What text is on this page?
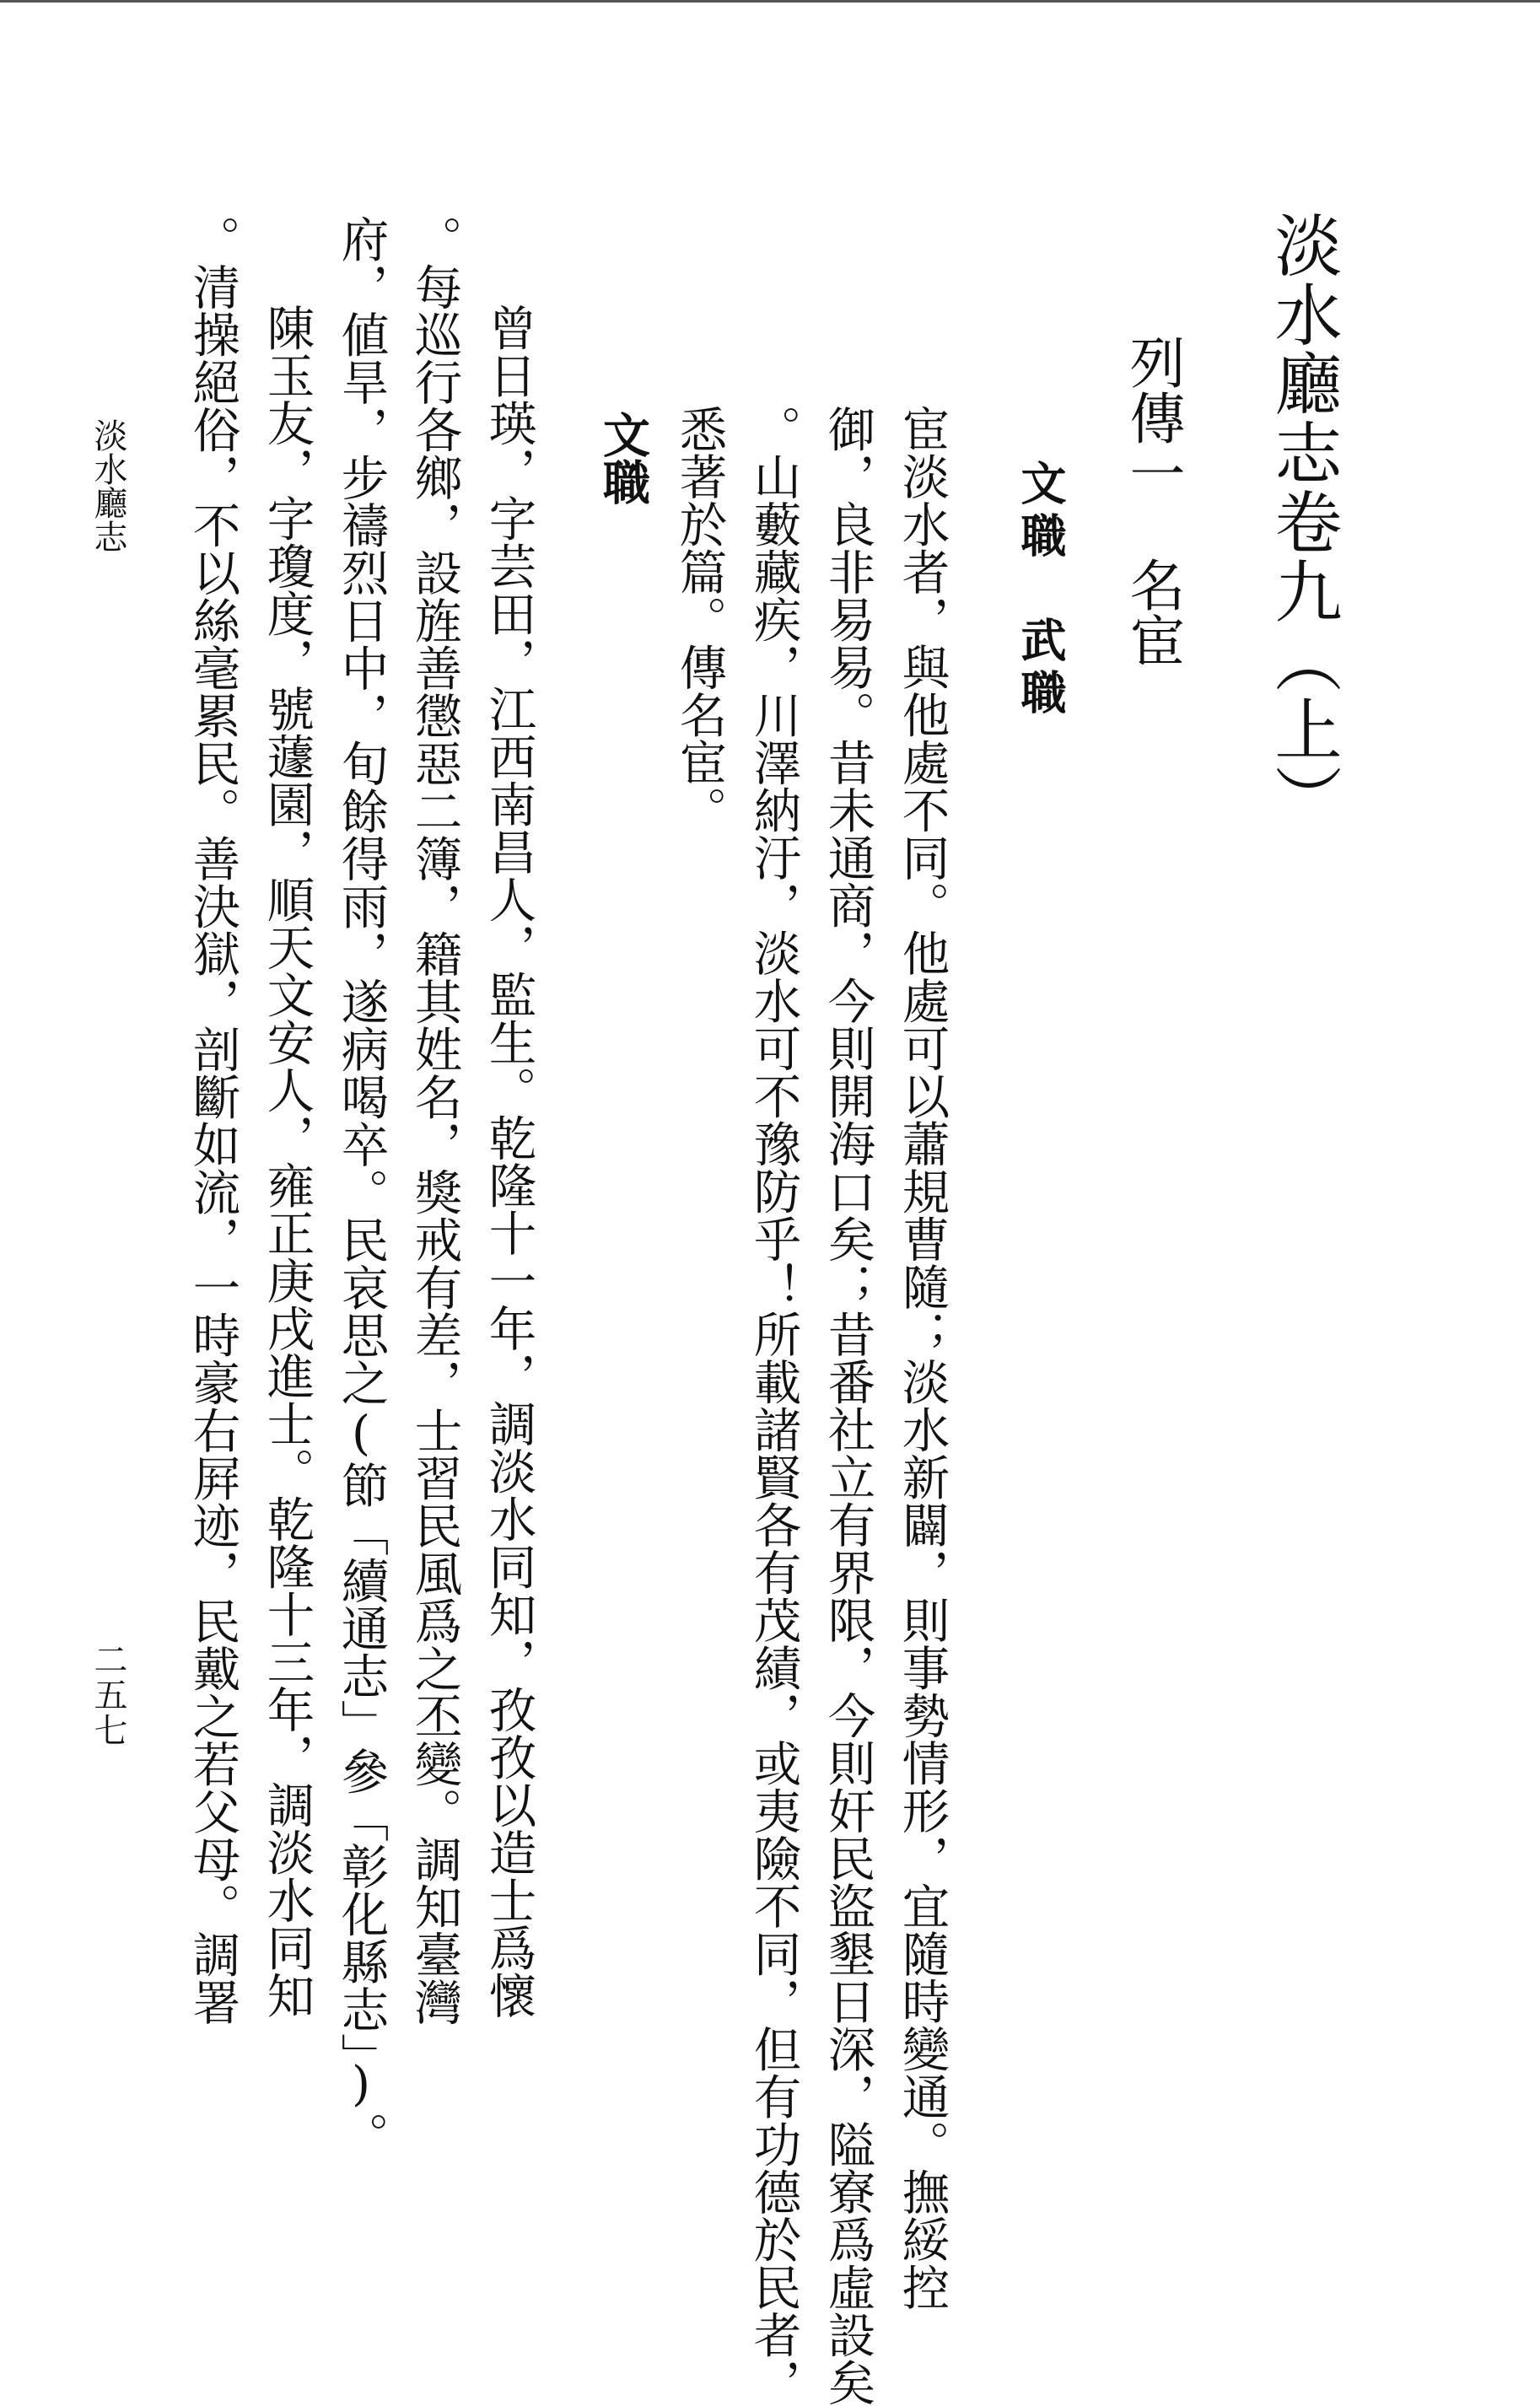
淡水廳志卷九（上）
列傳一　名宦
文職　武職
宦淡水者，與他處不同。他處可以蕭規曹隨；淡水新闢，則事勢情形，宜隨時變通。撫綏控
御，良非易易。昔未通商，今則開海口矣；昔番社立有界限，今則奸民盜墾日深，隘寮爲虛設矣
。山藪藏疾，川澤納汙，淡水可不豫防乎！所載諸賢各有茂績，或夷險不同，但有功德於民者，
悉著於篇。傳名宦。
文職
曾日瑛，字芸田，江西南昌人，監生。乾隆十一年，調淡水同知，孜孜以造士爲懷
。每巡行各鄉，設旌善懲惡二簿，籍其姓名，獎戒有差，士習民風爲之丕變。調知臺灣
府，値旱，步禱烈日中，旬餘得雨，遂病喝卒。民哀思之(節「續通志」參「彰化縣志」)。
陳玉友，字瓊度，號蘧園，順天文安人，雍正庚戌進士。乾隆十三年，調淡水同知
。清操絕俗，不以絲毫累民。善決獄，剖斷如流，一時豪右屛迹，民戴之若父母。調署
淡水廳志
二五七
